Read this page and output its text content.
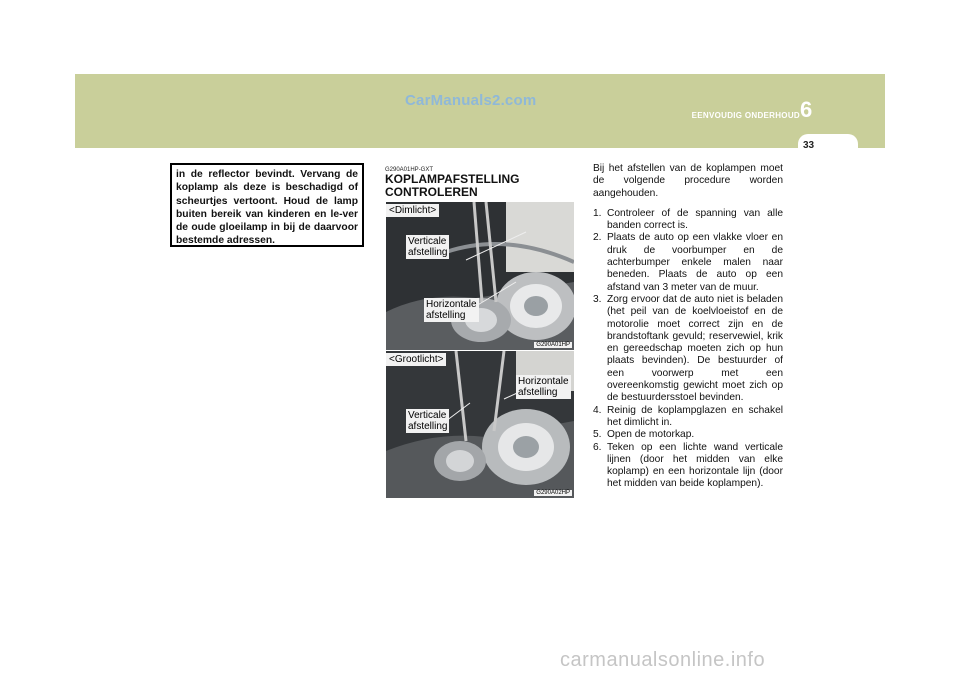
CarManuals2.com
EENVOUDIG ONDERHOUD 6
33
in de reflector bevindt. Vervang de koplamp als deze is beschadigd of scheurtjes vertoont. Houd de lamp buiten bereik van kinderen en le-ver de oude gloeilamp in bij de daarvoor bestemde adressen.
G290A01HP-GXT
KOPLAMPAFSTELLING
CONTROLEREN
<Dimlicht>
Verticale
afstelling
Horizontale
afstelling
G290A01HP
<Grootlicht>
Horizontale
afstelling
Verticale
afstelling
G290A02HP

Bij het afstellen van de koplampen moet de volgende procedure worden aangehouden.

1. Controleer of de spanning van alle banden correct is.
2. Plaats de auto op een vlakke vloer en druk de voorbumper en de achterbumper enkele malen naar beneden. Plaats de auto op een afstand van 3 meter van de muur.
3. Zorg ervoor dat de auto niet is beladen (het peil van de koelvloeistof en de motorolie moet correct zijn en de brandstoftank gevuld; reservewiel, krik en gereedschap moeten zich op hun plaats bevinden). De bestuurder of een voorwerp met een overeenkomstig gewicht moet zich op de bestuurdersstoel bevinden.
4. Reinig de koplampglazen en schakel het dimlicht in.
5. Open de motorkap.
6. Teken op een lichte wand verticale lijnen (door het midden van elke koplamp) en een horizontale lijn (door het midden van beide koplampen).
carmanualsonline.info
